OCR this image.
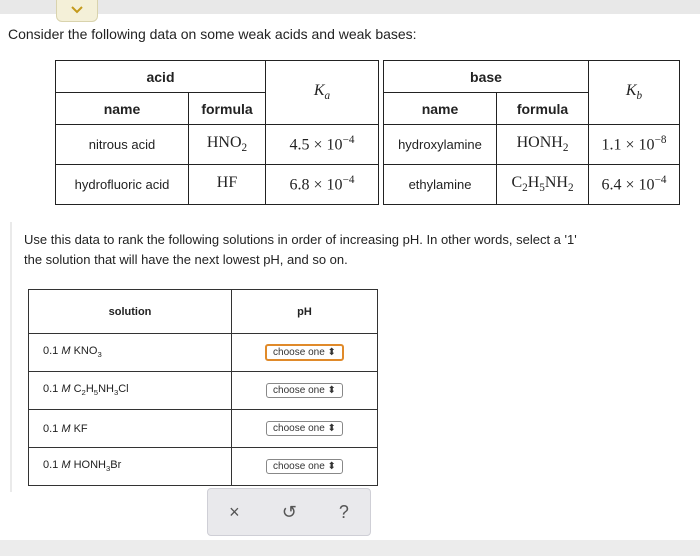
Consider the following data on some weak acids and weak bases:
acid		$K_a$
name	formula	
nitrous acid	$HNO_2$	$4.5 \times 10^{-4}$
hydrofluoric acid	HF	$6.8 \times 10^{-4}$
base		$K_b$
name	formula	
hydroxylamine	$HONH_2$	$1.1 \times 10^{-8}$
ethylamine	$C_2H_5NH_2$	$6.4 \times 10^{-4}$
Use this data to rank the following solutions in order of increasing pH. In other words, select a '1'
the solution that will have the next lowest pH, and so on.
solution	pH
0.1 M $KNO_3$	choose one ⬍
0.1 M $C_2H_5NH_3Cl$	choose one ⬍
0.1 M KF	choose one ⬍
0.1 M $HONH_3Br$	choose one ⬍
× ↺ ?
